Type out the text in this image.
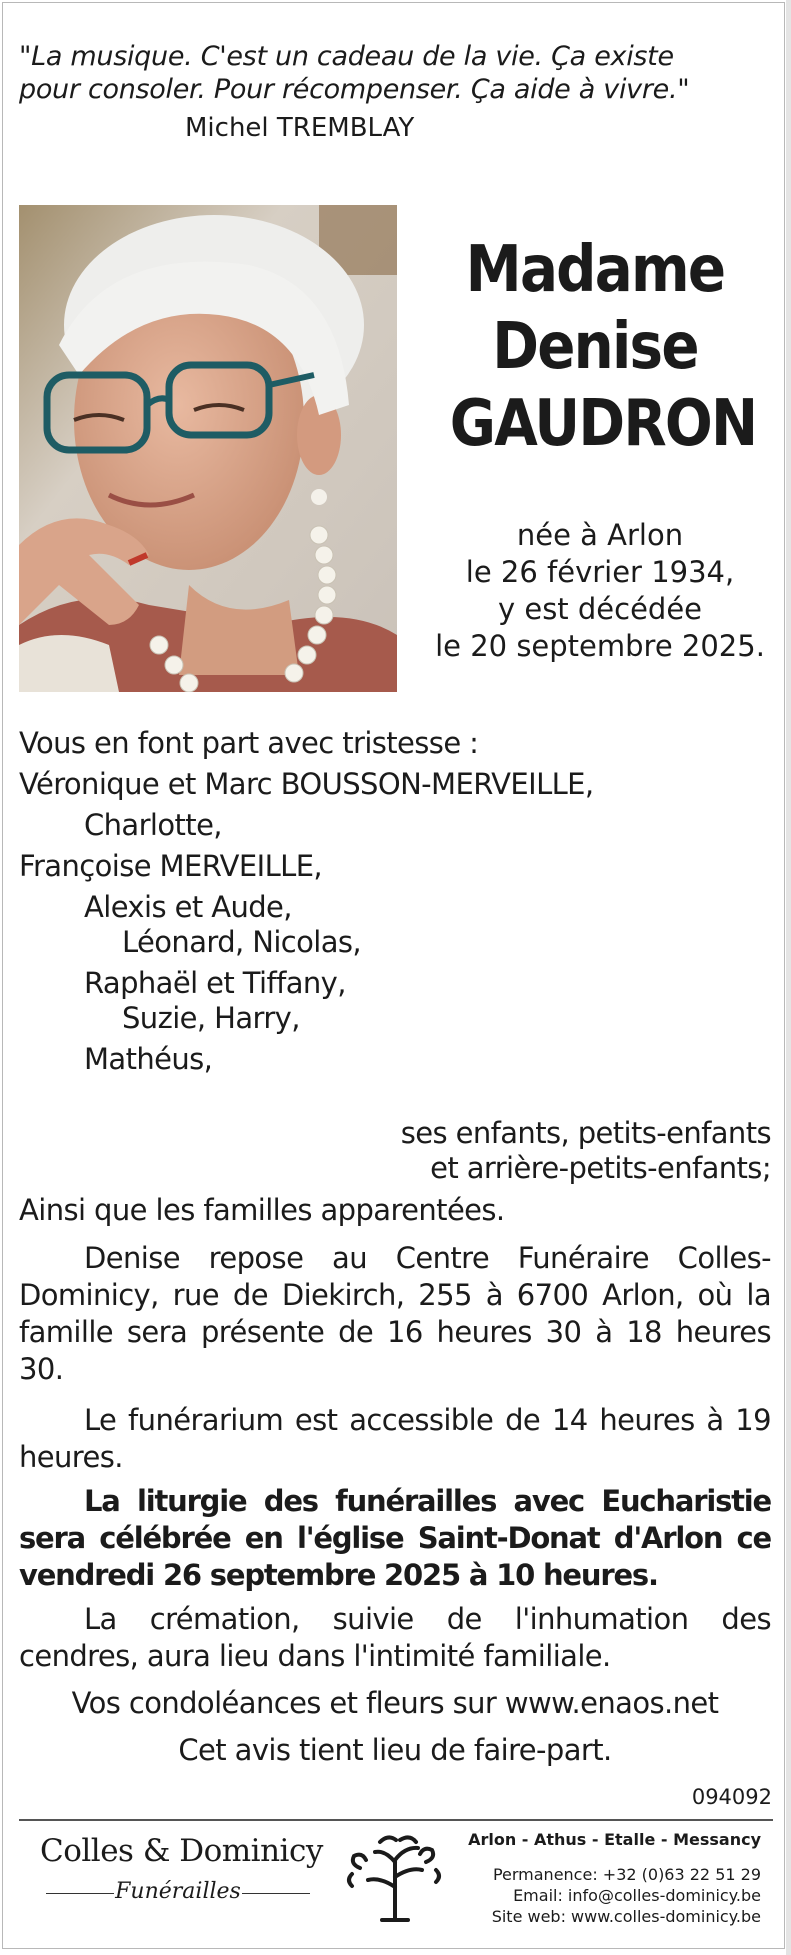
"La musique. C'est un cadeau de la vie. Ça existe
pour consoler. Pour récompenser. Ça aide à vivre."
Michel TREMBLAY
Madame
Denise
GAUDRON
née à Arlon
le 26 février 1934,
y est décédée
le 20 septembre 2025.
Vous en font part avec tristesse :
Véronique et Marc BOUSSON-MERVEILLE,
Charlotte,
Françoise MERVEILLE,
Alexis et Aude,
Léonard, Nicolas,
Raphaël et Tiffany,
Suzie, Harry,
Mathéus,
ses enfants, petits-enfants
et arrière-petits-enfants;
Ainsi que les familles apparentées.
Denise repose au Centre Funéraire Colles-Dominicy, rue de Diekirch, 255 à 6700 Arlon, où la famille sera présente de 16 heures 30 à 18 heures 30.
Le funérarium est accessible de 14 heures à 19 heures.
La liturgie des funérailles avec Eucharistie sera célébrée en l'église Saint-Donat d'Arlon ce vendredi 26 septembre 2025 à 10 heures.
La crémation, suivie de l'inhumation des cendres, aura lieu dans l'intimité familiale.
Vos condoléances et fleurs sur www.enaos.net
Cet avis tient lieu de faire-part.
094092
Colles & Dominicy
Funérailles
Arlon - Athus - Etalle - Messancy
Permanence: +32 (0)63 22 51 29
Email: info@colles-dominicy.be
Site web: www.colles-dominicy.be
